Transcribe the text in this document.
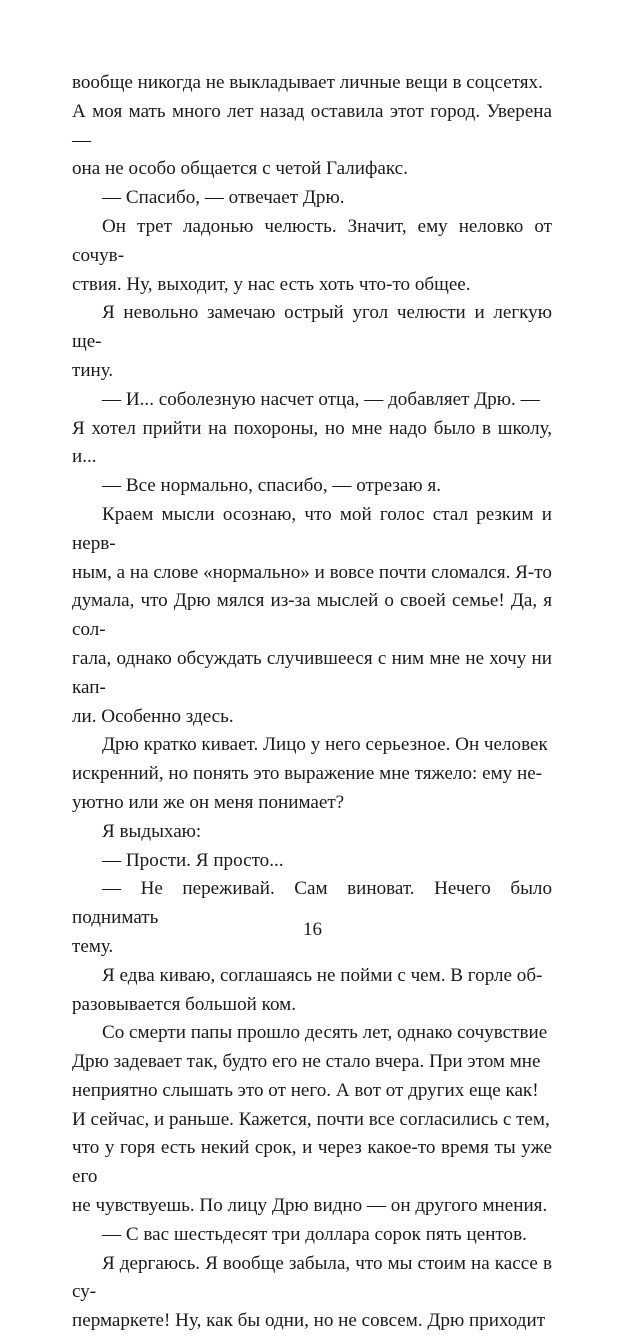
вообще никогда не выкладывает личные вещи в соцсетях.
А моя мать много лет назад оставила этот город. Уверена —
она не особо общается с четой Галифакс.

— Спасибо, — отвечает Дрю.

Он трет ладонью челюсть. Значит, ему неловко от сочув-
ствия. Ну, выходит, у нас есть хоть что-то общее.

Я невольно замечаю острый угол челюсти и легкую ще-
тину.

— И... соболезную насчет отца, — добавляет Дрю. —
Я хотел прийти на похороны, но мне надо было в школу, и...

— Все нормально, спасибо, — отрезаю я.

Краем мысли осознаю, что мой голос стал резким и нерв-
ным, а на слове «нормально» и вовсе почти сломался. Я-то
думала, что Дрю мялся из-за мыслей о своей семье! Да, я сол-
гала, однако обсуждать случившееся с ним мне не хочу ни кап-
ли. Особенно здесь.

Дрю кратко кивает. Лицо у него серьезное. Он человек
искренний, но понять это выражение мне тяжело: ему не-
уютно или же он меня понимает?

Я выдыхаю:

— Прости. Я просто...

— Не переживай. Сам виноват. Нечего было поднимать
тему.

Я едва киваю, соглашаясь не пойми с чем. В горле об-
разовывается большой ком.

Со смерти папы прошло десять лет, однако сочувствие
Дрю задевает так, будто его не стало вчера. При этом мне
неприятно слышать это от него. А вот от других еще как!
И сейчас, и раньше. Кажется, почти все согласились с тем,
что у горя есть некий срок, и через какое-то время ты уже его
не чувствуешь. По лицу Дрю видно — он другого мнения.

— С вас шестьдесят три доллара сорок пять центов.

Я дергаюсь. Я вообще забыла, что мы стоим на кассе в су-
пермаркете! Ну, как бы одни, но не совсем. Дрю приходит

16
